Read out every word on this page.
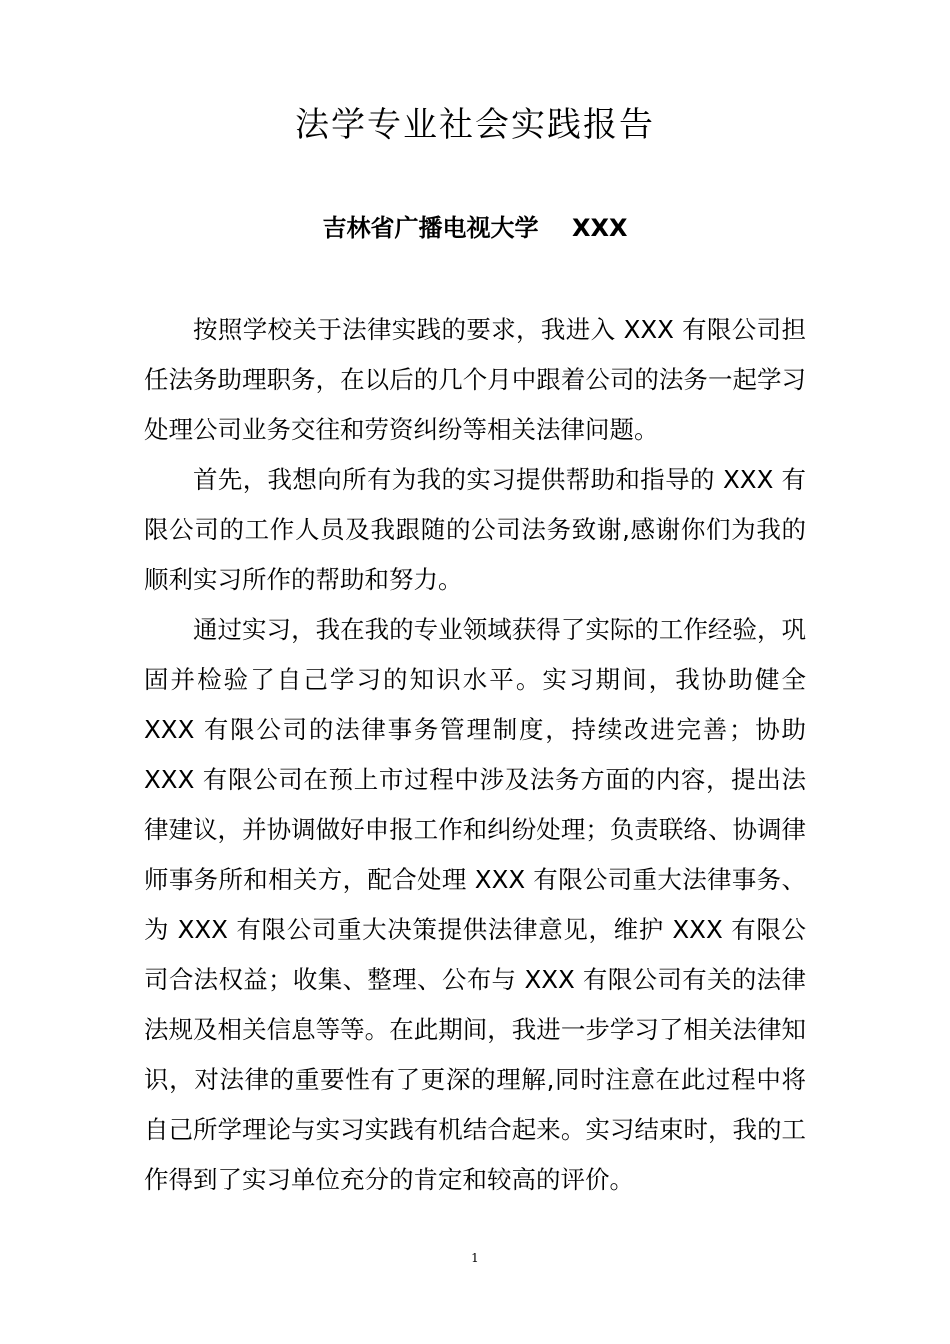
法学专业社会实践报告
吉林省广播电视大学    XXX

按照学校关于法律实践的要求，我进入 XXX 有限公司担任法务助理职务，在以后的几个月中跟着公司的法务一起学习处理公司业务交往和劳资纠纷等相关法律问题。

首先，我想向所有为我的实习提供帮助和指导的 XXX 有限公司的工作人员及我跟随的公司法务致谢,感谢你们为我的顺利实习所作的帮助和努力。

通过实习，我在我的专业领域获得了实际的工作经验，巩固并检验了自己学习的知识水平。实习期间，我协助健全 XXX 有限公司的法律事务管理制度，持续改进完善；协助 XXX 有限公司在预上市过程中涉及法务方面的内容，提出法律建议，并协调做好申报工作和纠纷处理；负责联络、协调律师事务所和相关方，配合处理 XXX 有限公司重大法律事务、为 XXX 有限公司重大决策提供法律意见，维护 XXX 有限公司合法权益；收集、整理、公布与 XXX 有限公司有关的法律法规及相关信息等等。在此期间，我进一步学习了相关法律知识，对法律的重要性有了更深的理解,同时注意在此过程中将自己所学理论与实习实践有机结合起来。实习结束时，我的工作得到了实习单位充分的肯定和较高的评价。

1
